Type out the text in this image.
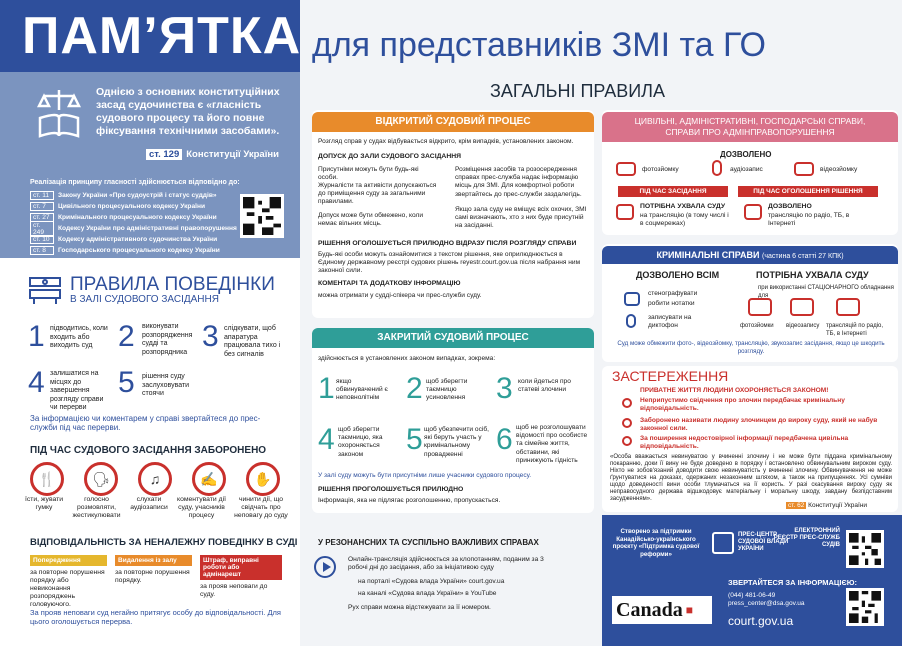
ПАМ’ЯТКА для представників ЗМІ та ГО
Однією з основних конституційних засад судочинства є «гласність судового процесу та його повне фіксування технічними засобами».
ст. 129 Конституції України
Реалізація принципу гласності здійснюється відповідно до:
ст. 11	Закону України «Про судоустрій і статус суддів»
ст. 7	Цивільного процесуального кодексу України
ст. 27	Кримінального процесуального кодексу України
ст. 249	Кодексу України про адміністративні правопорушення
ст. 10	Кодексу адміністративного судочинства України
ст. 8	Господарського процесуального кодексу України
ПРАВИЛА ПОВЕДІНКИ
В ЗАЛІ СУДОВОГО ЗАСІДАННЯ
1 підводитись, коли входить або виходить суд 2 виконувати розпорядження судді та розпорядника 3 слідкувати, щоб апаратура працювала тихо і без сигналів
4 залишатися на місцях до завершення розгляду справи чи перерви
5 рішення суду заслуховувати стоячи
За інформацією чи коментарем у справі звертайтеся до прес-служби під час перерви.
ПІД ЧАС СУДОВОГО ЗАСІДАННЯ ЗАБОРОНЕНО
🍴	🗣	♫	✍	✋
їсти, жувати гумку
голосно розмовляти, жестикулювати
слухати аудіозаписи
коментувати дії суду, учасників процесу
чинити дії, що свідчать про неповагу до суду
ВІДПОВІДАЛЬНІСТЬ ЗА НЕНАЛЕЖНУ ПОВЕДІНКУ В СУДІ
Попередження
за повторне порушення порядку або невиконання розпоряджень головуючого.
Видалення із залу
за повторне порушення порядку.
Штраф, виправні роботи або адмінарешт
за прояв неповаги до суду.
За прояв неповаги суд негайно притягує особу до відповідальності. Для цього оголошується перерва.
ЗАГАЛЬНІ ПРАВИЛА
ВІДКРИТИЙ СУДОВИЙ ПРОЦЕС
Розгляд справ у судах відбувається відкрито, крім випадків, установлених законом.
ДОПУСК ДО ЗАЛИ СУДОВОГО ЗАСІДАННЯ
Присутніми можуть бути будь-які особи.
Журналісти та активісти допускаються до приміщення суду за загальними правилами.
Допуск може бути обмежено, коли немає вільних місць.
Розміщення засобів та розосередження справах прес-служба надає інформацію місць для ЗМІ. Для комфортної роботи звертайтесь до прес-служби заздалегідь.
Якщо зала суду не вміщує всіх охочих, ЗМІ самі визначають, хто з них буде присутній на засіданні.
РІШЕННЯ ОГОЛОШУЄТЬСЯ ПРИЛЮДНО ВІДРАЗУ ПІСЛЯ РОЗГЛЯДУ СПРАВИ
Будь-які особи можуть ознайомитися з текстом рішення, яке оприлюднюється в Єдиному державному реєстрі судових рішень reyestr.court.gov.ua після набрання ним законної сили.
КОМЕНТАРІ ТА ДОДАТКОВУ ІНФОРМАЦІЮ
можна отримати у судді-спікера чи прес-служби суду.
ЗАКРИТИЙ СУДОВИЙ ПРОЦЕС
здійснюється в установлених законом випадках, зокрема:
1 якщо обвинувачений є неповнолітнім 2 щоб зберегти таємницю усиновлення	3 коли йдеться про статеві злочини
4 щоб зберегти таємницю, яка охороняється законом	5 щоб убезпечити осіб, які беруть участь у кримінальному провадженні	6 щоб не розголошувати відомості про особисте та сімейне життя, обставини, які принижують гідність
У залі суду можуть бути присутніми лише учасники судового процесу.
РІШЕННЯ ПРОГОЛОШУЄТЬСЯ ПРИЛЮДНО
Інформація, яка не підлягає розголошенню, пропускається.
У РЕЗОНАНСНИХ ТА СУСПІЛЬНО ВАЖЛИВИХ СПРАВАХ
Онлайн-трансляція здійснюється за клопотанням, поданим за 3 робочі дні до засідання, або за ініціативою суду
на порталі «Судова влада України» court.gov.ua
на каналі «Судова влада України» в YouTube
Рух справи можна відстежувати за її номером.
ЦИВІЛЬНІ, АДМІНІСТРАТИВНІ, ГОСПОДАРСЬКІ СПРАВИ, СПРАВИ ПРО АДМІНПРАВОПОРУШЕННЯ
ДОЗВОЛЕНО
фотозйомку	аудіозапис	відеозйомку
ПІД ЧАС ЗАСІДАННЯ	ПІД ЧАС ОГОЛОШЕННЯ РІШЕННЯ
ПОТРІБНА УХВАЛА СУДУ
на трансляцію (в тому числі і в соцмережах)
ДОЗВОЛЕНО
трансляцію по радіо, ТБ, в Інтернеті
КРИМІНАЛЬНІ СПРАВИ (частина 6 статті 27 КПК)
ДОЗВОЛЕНО ВСІМ	ПОТРІБНА УХВАЛА СУДУ
при використанні СТАЦІОНАРНОГО обладнання для
стенографувати
робити нотатки
записувати на диктофон	фотозйомки відеозапису трансляцій по радіо, ТБ, в Інтернеті
Суд може обмежити фото-, відеозйомку, трансляцію, звукозапис засідання, якщо це шкодить розгляду.
ЗАСТЕРЕЖЕННЯ
ПРИВАТНЕ ЖИТТЯ ЛЮДИНИ ОХОРОНЯЄТЬСЯ ЗАКОНОМ!
Неприпустимо свідчення про злочин передбачає кримінальну відповідальність.
Заборонено називати людину злочинцем до вироку суду, який не набув законної сили.
За поширення недостовірної інформації передбачена цивільна відповідальність.
«Особа вважається невинуватою у вчиненні злочину і не може бути піддана кримінальному покаранню, доки її вину не буде доведено в порядку і встановлено обвинувальним вироком суду. Ніхто не зобов'язаний доводити свою невинуватість у вчиненні злочину. Обвинувачення не може ґрунтуватися на доказах, одержаних незаконним шляхом, а також на припущеннях. Усі сумніви щодо доведеності вини особи тлумачаться на її користь. У разі скасування вироку суду як неправосудного держава відшкодовує матеріальну і моральну шкоду, завдану безпідставним засудженням».
ст. 62 Конституції України
Створено за підтримки Канадійсько-українського проєкту «Підтримка судової реформи»
Canada ■
ПРЕС-ЦЕНТР СУДОВОЇ ВЛАДИ УКРАЇНИ
ЕЛЕКТРОННИЙ РЕЄСТР ПРЕС-СЛУЖБ СУДІВ
ЗВЕРТАЙТЕСЯ ЗА ІНФОРМАЦІЄЮ:
(044) 481-06-49
press_center@dsa.gov.ua
court.gov.ua
